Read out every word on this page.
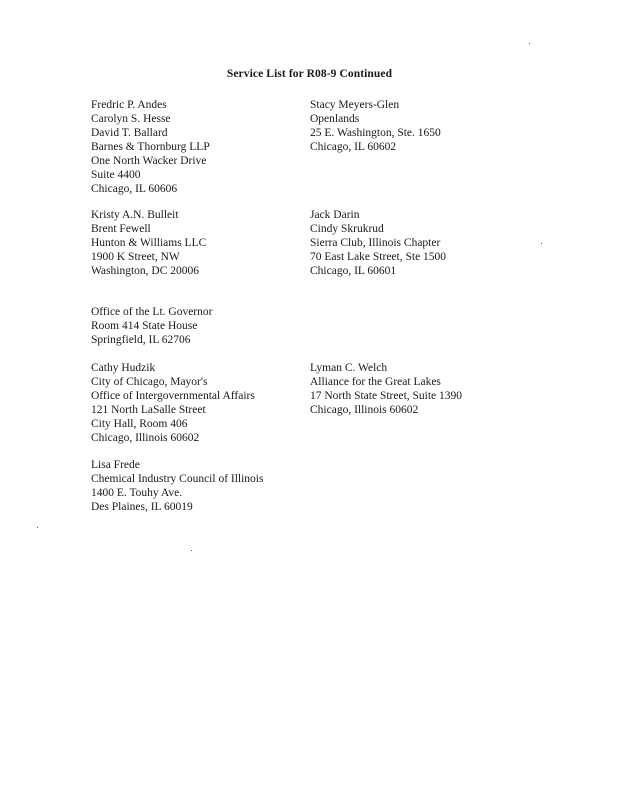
Service List for R08-9 Continued
Fredric P. Andes
Carolyn S. Hesse
David T. Ballard
Barnes & Thornburg LLP
One North Wacker Drive
Suite 4400
Chicago, IL 60606
Stacy Meyers-Glen
Openlands
25 E. Washington, Ste. 1650
Chicago, IL 60602
Kristy A.N. Bulleit
Brent Fewell
Hunton & Williams LLC
1900 K Street, NW
Washington, DC 20006
Jack Darin
Cindy Skrukrud
Sierra Club, Illinois Chapter
70 East Lake Street, Ste 1500
Chicago, IL 60601
Office of the Lt. Governor
Room 414 State House
Springfield, IL 62706
Cathy Hudzik
City of Chicago, Mayor's
Office of Intergovernmental Affairs
121 North LaSalle Street
City Hall, Room 406
Chicago, Illinois 60602
Lyman C. Welch
Alliance for the Great Lakes
17 North State Street, Suite 1390
Chicago, Illinois 60602
Lisa Frede
Chemical Industry Council of Illinois
1400 E. Touhy Ave.
Des Plaines, IL 60019
